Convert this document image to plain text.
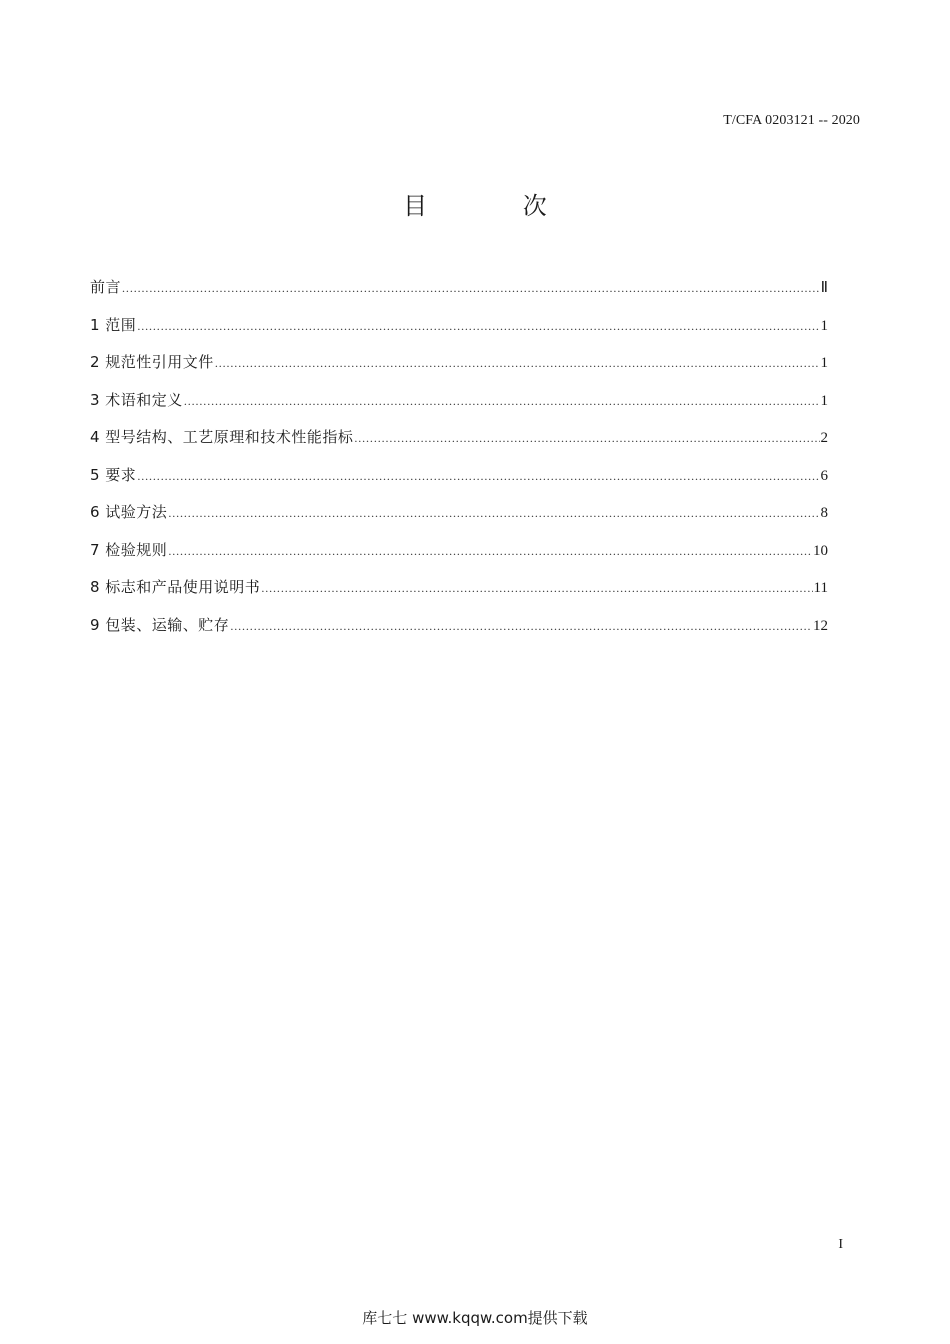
T/CFA 0203121 -- 2020
目 次
前言 .....	Ⅱ
1 范围 .....	1
2 规范性引用文件 .....	1
3 术语和定义 .....	1
4 型号结构、工艺原理和技术性能指标 .....	2
5 要求 .....	6
6 试验方法 .....	8
7 检验规则 .....	10
8 标志和产品使用说明书 .....	11
9 包装、运输、贮存 .....	12
I
库七七 www.kqqw.com提供下载
